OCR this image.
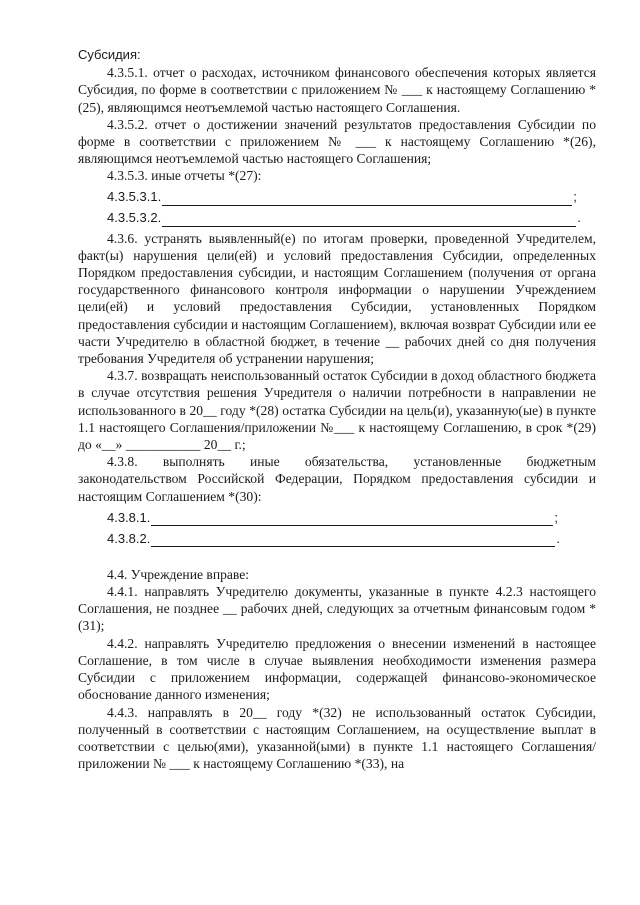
Субсидия:

4.3.5.1. отчет о расходах, источником финансового обеспечения которых является Субсидия, по форме в соответствии с приложением № ___ к настоящему Соглашению *(25), являющимся неотъемлемой частью настоящего Соглашения.

4.3.5.2. отчет о достижении значений результатов предоставления Субсидии по форме в соответствии с приложением № ___ к настоящему Соглашению *(26), являющимся неотъемлемой частью настоящего Соглашения;

4.3.5.3. иные отчеты *(27):

4.3.5.3.1.	;
4.3.5.3.2.	.

4.3.6. устранять выявленный(е) по итогам проверки, проведенной Учредителем, факт(ы) нарушения цели(ей) и условий предоставления Субсидии, определенных Порядком предоставления субсидии, и настоящим Соглашением (получения от органа государственного финансового контроля информации о нарушении Учреждением цели(ей) и условий предоставления Субсидии, установленных Порядком предоставления субсидии и настоящим Соглашением), включая возврат Субсидии или ее части Учредителю в областной бюджет, в течение __ рабочих дней со дня получения требования Учредителя об устранении нарушения;

4.3.7. возвращать неиспользованный остаток Субсидии в доход областного бюджета в случае отсутствия решения Учредителя о наличии потребности в направлении не использованного в 20__ году *(28) остатка Субсидии на цель(и), указанную(ые) в пункте 1.1 настоящего Соглашения/приложении №___ к настоящему Соглашению, в срок *(29) до «__» ___________ 20__ г.;

4.3.8. выполнять иные обязательства, установленные бюджетным законодательством Российской Федерации, Порядком предоставления субсидии и настоящим Соглашением *(30):

4.3.8.1.	;
4.3.8.2.	.

4.4. Учреждение вправе:

4.4.1. направлять Учредителю документы, указанные в пункте 4.2.3 настоящего Соглашения, не позднее __ рабочих дней, следующих за отчетным финансовым годом *(31);

4.4.2. направлять Учредителю предложения о внесении изменений в настоящее Соглашение, в том числе в случае выявления необходимости изменения размера Субсидии с приложением информации, содержащей финансово-экономическое обоснование данного изменения;

4.4.3. направлять в 20__ году *(32) не использованный остаток Субсидии, полученный в соответствии с настоящим Соглашением, на осуществление выплат в соответствии с целью(ями), указанной(ыми) в пункте 1.1 настоящего Соглашения/приложении № ___ к настоящему Соглашению *(33), на
